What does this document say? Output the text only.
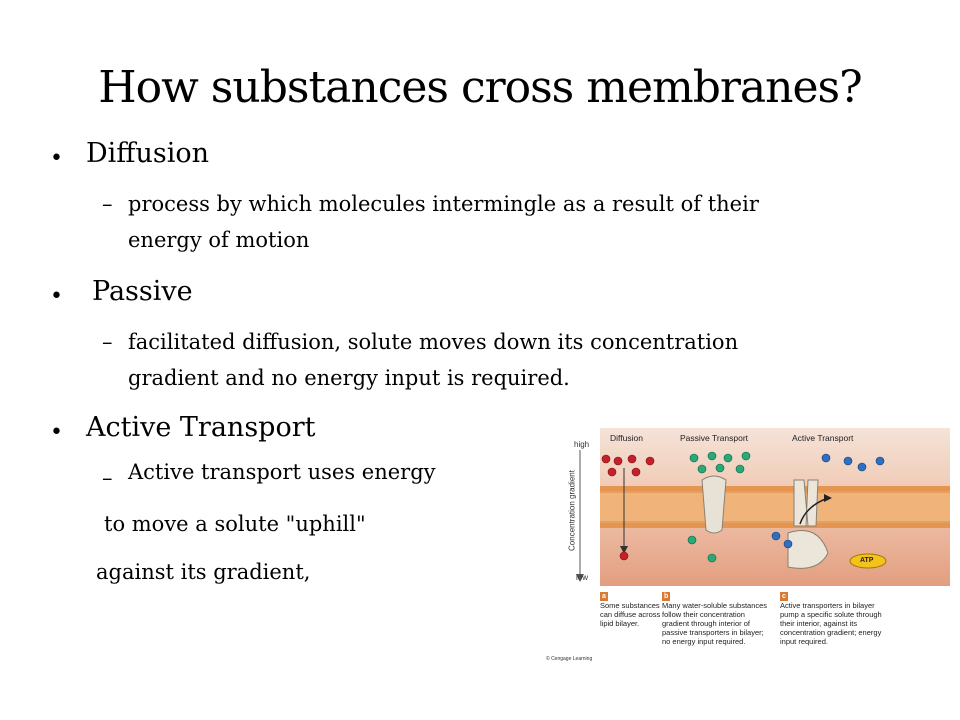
How substances cross membranes?
• Diffusion
– process by which molecules intermingle as a result of their energy of motion
• Passive
– facilitated diffusion, solute moves down its concentration gradient and no energy input is required.
• Active Transport
– Active transport uses energy
to move a solute "uphill"
against its gradient,
high
low
Concentration gradient
Diffusion	Passive Transport	Active Transport
ATP
a
Some substances can diffuse across lipid bilayer.
b
Many water-soluble substances follow their concentration gradient through interior of passive transporters in bilayer; no energy input required.
c
Active transporters in bilayer pump a specific solute through their interior, against its concentration gradient; energy input required.
© Cengage Learning
